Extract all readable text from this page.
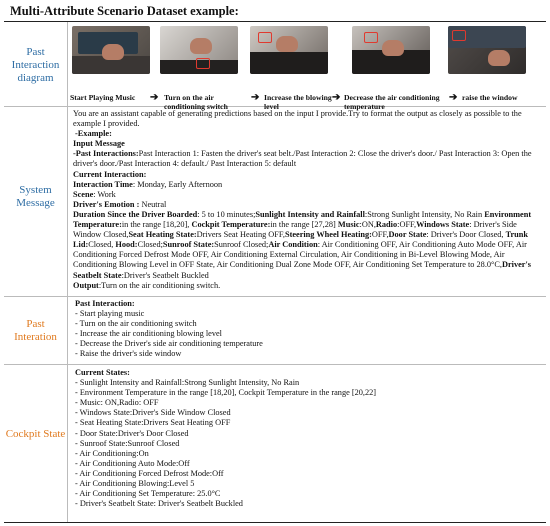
Multi-Attribute Scenario Dataset example:
Past Interaction diagram
Start Playing Music	➔ Turn on the air conditioning switch
➔ Increase the blowing level
➔ Decrease the air conditioning temperature
➔ raise the window
System Message
You are an assistant capable of generating predictions based on the input I provide.Try to format the output as closely as possible to the example I provided.
-Example:
Input Message
-Past Interactions:Past Interaction 1: Fasten the driver's seat belt./Past Interaction 2: Close the driver's door./ Past Interaction 3: Open the driver's door./Past Interaction 4: default./ Past Interaction 5: default
Current Interaction:
Interaction Time: Monday, Early Afternoon
Scene: Work
Driver's Emotion : Neutral
Duration Since the Driver Boarded: 5 to 10 minutes;Sunlight Intensity and Rainfall:Strong Sunlight Intensity, No Rain Environment Temperature:in the range [18,20], Cockpit Temperature:in the range [27,28] Music:ON,Radio:OFF,Windows State: Driver's Side Window Closed,Seat Heating State:Drivers Seat Heating OFF,Steering Wheel Heating:OFF,Door State: Driver's Door Closed, Trunk Lid:Closed, Hood:Closed;Sunroof State:Sunroof Closed;Air Condition: Air Conditioning OFF, Air Conditioning Auto Mode OFF, Air Conditioning Forced Defrost Mode OFF, Air Conditioning External Circulation, Air Conditioning in Bi-Level Blowing Mode, Air Conditioning Blowing Level in OFF State, Air Conditioning Dual Zone Mode OFF, Air Conditioning Set Temperature to 28.0°C,Driver's Seatbelt State:Driver's Seatbelt Buckled
Output:Turn on the air conditioning switch.
Past Interation
Past Interaction:
- Start playing music
- Turn on the air conditioning switch
- Increase the air conditioning blowing level
- Decrease the Driver's side air conditioning temperature
- Raise the driver's side window
Cockpit State
Current States:
- Sunlight Intensity and Rainfall:Strong Sunlight Intensity, No Rain
- Environment Temperature in the range [18,20], Cockpit Temperature in the range [20,22]
- Music: ON,Radio: OFF
- Windows State:Driver's Side Window Closed
- Seat Heating State:Drivers Seat Heating OFF
- Door State:Driver's Door Closed
- Sunroof State:Sunroof Closed
- Air Conditioning:On
- Air Conditioning Auto Mode:Off
- Air Conditioning Forced Defrost Mode:Off
- Air Conditioning Blowing:Level 5
- Air Conditioning Set Temperature: 25.0°C
- Driver's Seatbelt State: Driver's Seatbelt Buckled
